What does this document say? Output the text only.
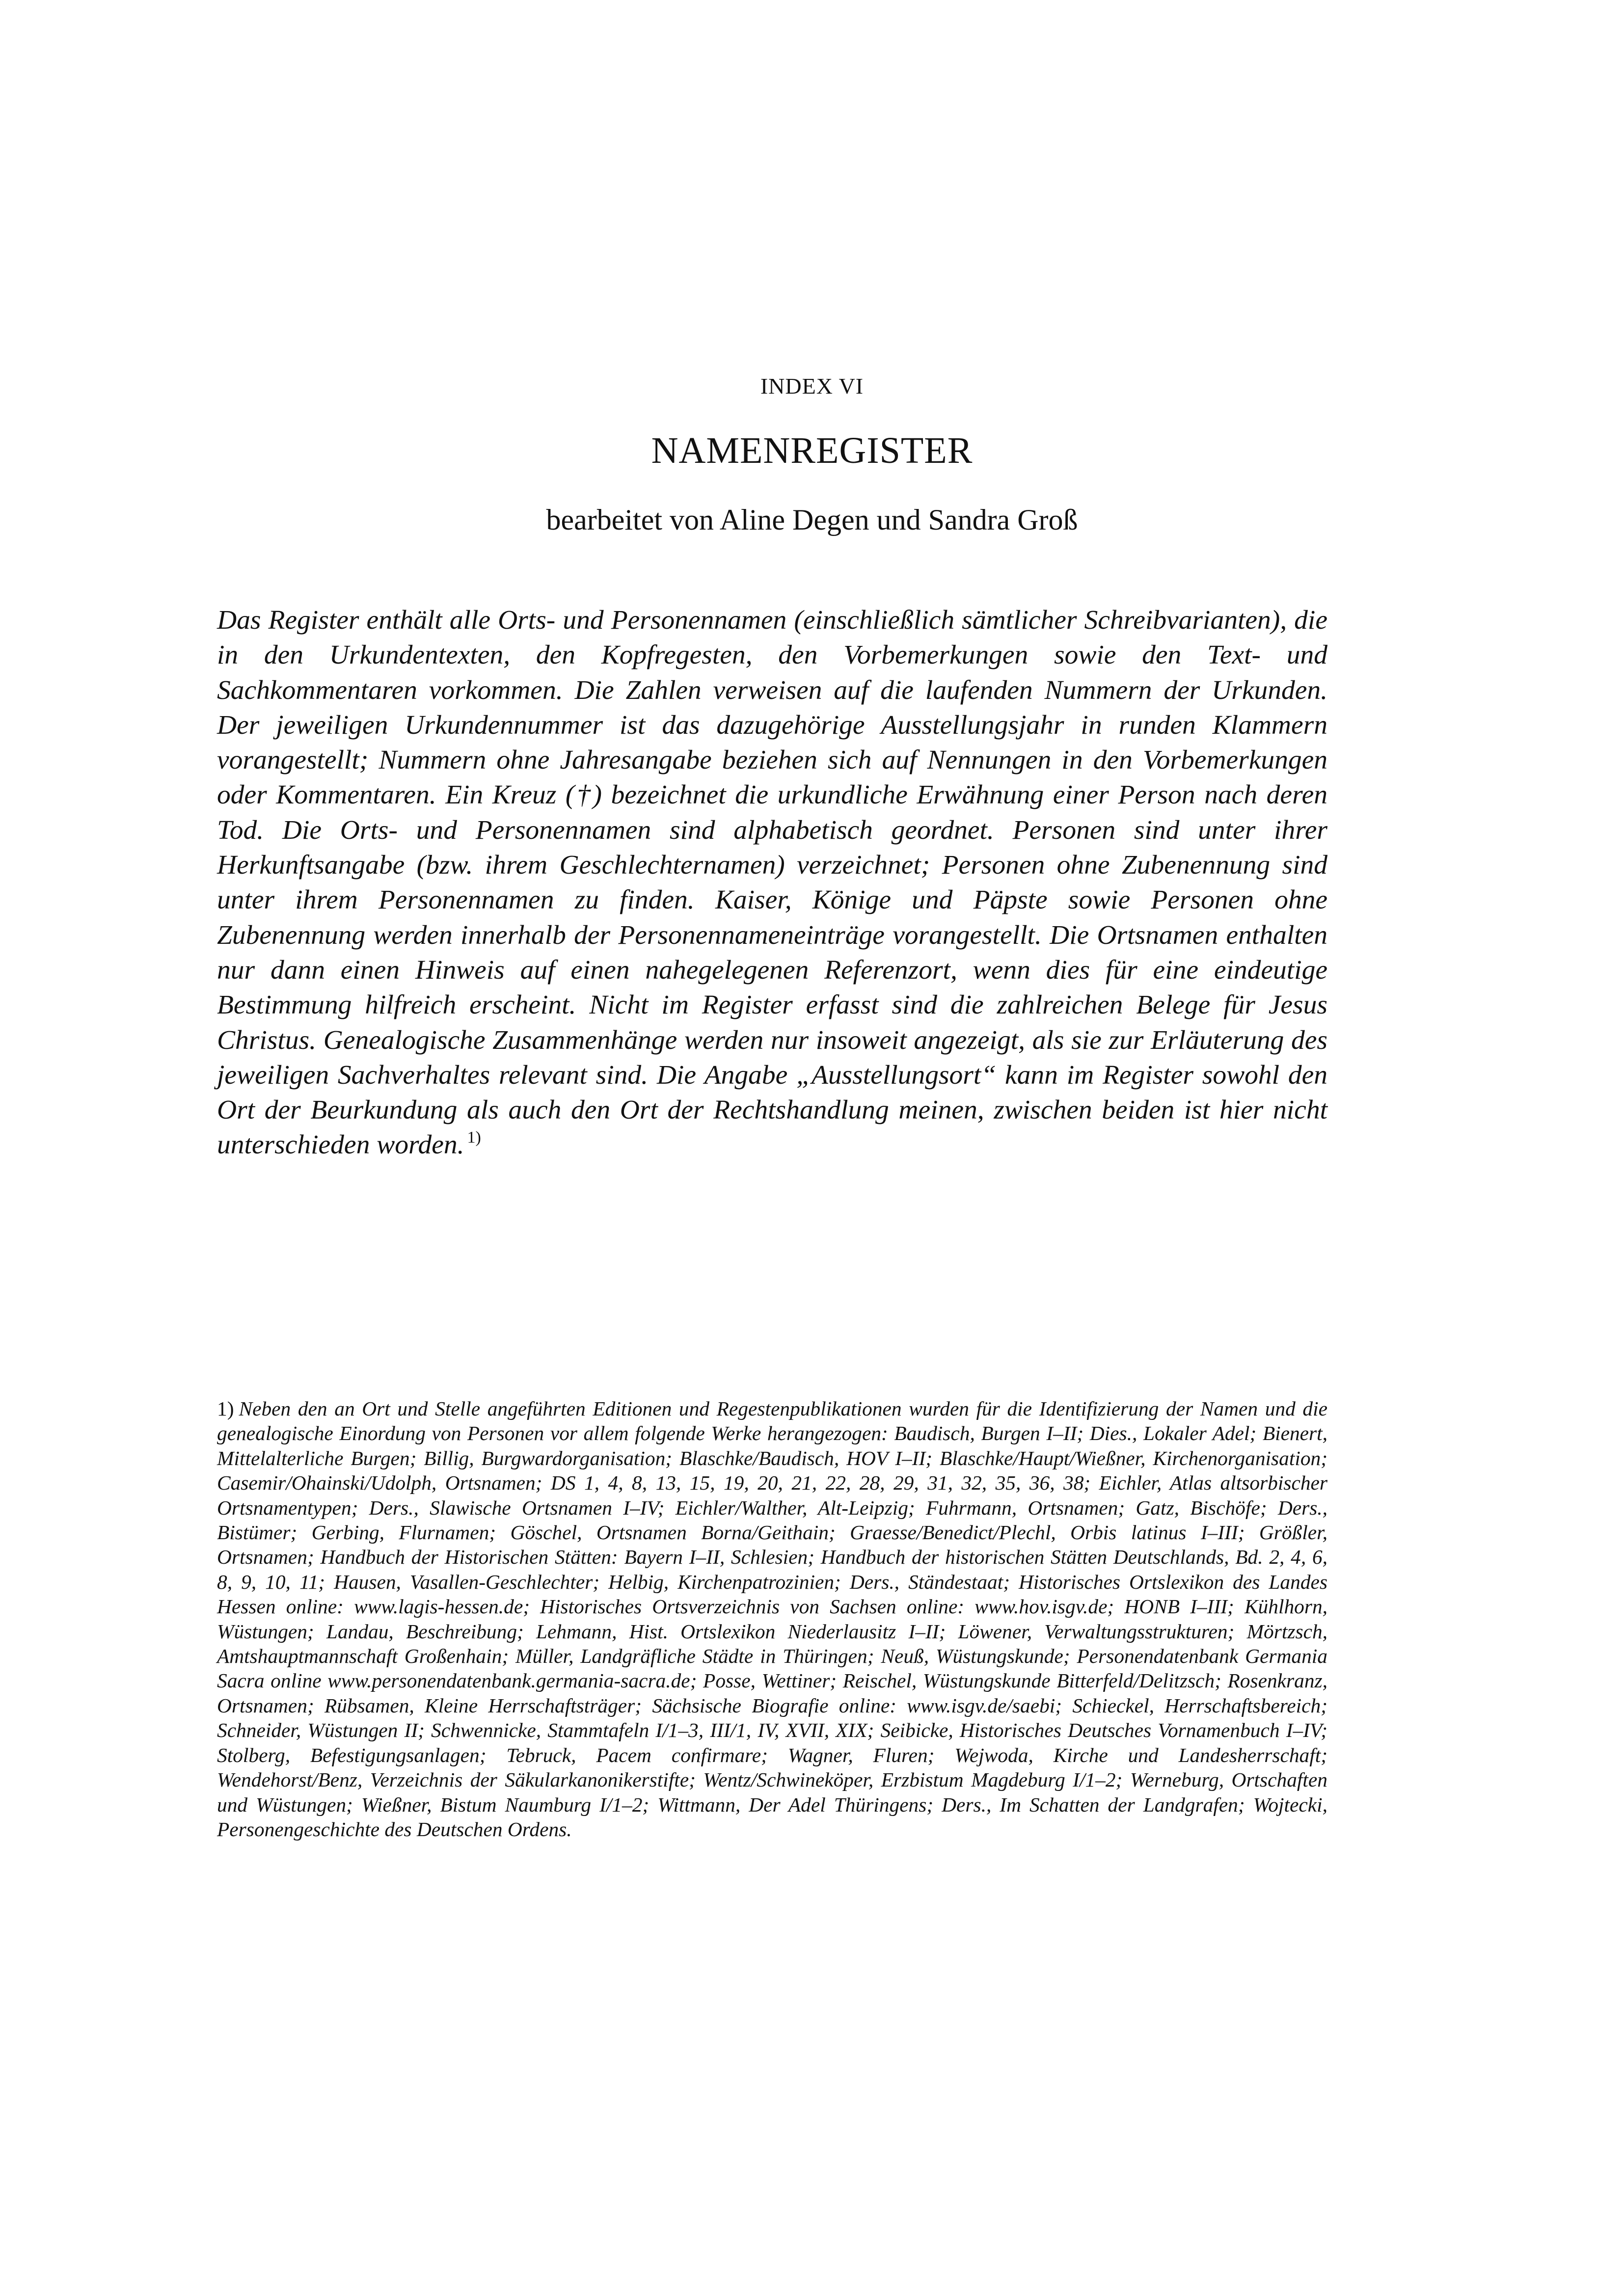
INDEX VI
NAMENREGISTER
bearbeitet von Aline Degen und Sandra Groß

Das Register enthält alle Orts- und Personennamen (einschließlich sämtlicher Schreibvarianten), die in den Urkundentexten, den Kopfregesten, den Vorbemerkungen sowie den Text- und Sachkommentaren vorkommen. Die Zahlen verweisen auf die laufenden Nummern der Urkunden. Der jeweiligen Urkundennummer ist das dazugehörige Ausstellungsjahr in runden Klammern vorangestellt; Nummern ohne Jahresangabe beziehen sich auf Nennungen in den Vorbemerkungen oder Kommentaren. Ein Kreuz (†) bezeichnet die urkundliche Erwähnung einer Person nach deren Tod. Die Orts- und Personennamen sind alphabetisch geordnet. Personen sind unter ihrer Herkunftsangabe (bzw. ihrem Geschlechternamen) verzeichnet; Personen ohne Zubenennung sind unter ihrem Personennamen zu finden. Kaiser, Könige und Päpste sowie Personen ohne Zubenennung werden innerhalb der Personennameneinträge vorangestellt. Die Ortsnamen enthalten nur dann einen Hinweis auf einen nahegelegenen Referenzort, wenn dies für eine eindeutige Bestimmung hilfreich erscheint. Nicht im Register erfasst sind die zahlreichen Belege für Jesus Christus. Genealogische Zusammenhänge werden nur insoweit angezeigt, als sie zur Erläuterung des jeweiligen Sachverhaltes relevant sind. Die Angabe „Ausstellungsort“ kann im Register sowohl den Ort der Beurkundung als auch den Ort der Rechtshandlung meinen, zwischen beiden ist hier nicht unterschieden worden. $^{1)}$

1) Neben den an Ort und Stelle angeführten Editionen und Regestenpublikationen wurden für die Identifizierung der Namen und die genealogische Einordung von Personen vor allem folgende Werke herangezogen: Baudisch, Burgen I–II; Dies., Lokaler Adel; Bienert, Mittelalterliche Burgen; Billig, Burgwardorganisation; Blaschke/Baudisch, HOV I–II; Blaschke/Haupt/Wießner, Kirchenorganisation; Casemir/Ohainski/Udolph, Ortsnamen; DS 1, 4, 8, 13, 15, 19, 20, 21, 22, 28, 29, 31, 32, 35, 36, 38; Eichler, Atlas altsorbischer Ortsnamentypen; Ders., Slawische Ortsnamen I–IV; Eichler/Walther, Alt-Leipzig; Fuhrmann, Ortsnamen; Gatz, Bischöfe; Ders., Bistümer; Gerbing, Flurnamen; Göschel, Ortsnamen Borna/Geithain; Graesse/Benedict/Plechl, Orbis latinus I–III; Größler, Ortsnamen; Handbuch der Historischen Stätten: Bayern I–II, Schlesien; Handbuch der historischen Stätten Deutschlands, Bd. 2, 4, 6, 8, 9, 10, 11; Hausen, Vasallen-Geschlechter; Helbig, Kirchenpatrozinien; Ders., Ständestaat; Historisches Ortslexikon des Landes Hessen online: www.lagis-hessen.de; Historisches Ortsverzeichnis von Sachsen online: www.hov.isgv.de; HONB I–III; Kühlhorn, Wüstungen; Landau, Beschreibung; Lehmann, Hist. Ortslexikon Niederlausitz I–II; Löwener, Verwaltungsstrukturen; Mörtzsch, Amtshauptmannschaft Großenhain; Müller, Landgräfliche Städte in Thüringen; Neuß, Wüstungskunde; Personendatenbank Germania Sacra online www.personendatenbank.germania-sacra.de; Posse, Wettiner; Reischel, Wüstungskunde Bitterfeld/Delitzsch; Rosenkranz, Ortsnamen; Rübsamen, Kleine Herrschaftsträger; Sächsische Biografie online: www.isgv.de/saebi; Schieckel, Herrschaftsbereich; Schneider, Wüstungen II; Schwennicke, Stammtafeln I/1–3, III/1, IV, XVII, XIX; Seibicke, Historisches Deutsches Vornamenbuch I–IV; Stolberg, Befestigungsanlagen; Tebruck, Pacem confirmare; Wagner, Fluren; Wejwoda, Kirche und Landesherrschaft; Wendehorst/Benz, Verzeichnis der Säkularkanonikerstifte; Wentz/Schwineköper, Erzbistum Magdeburg I/1–2; Werneburg, Ortschaften und Wüstungen; Wießner, Bistum Naumburg I/1–2; Wittmann, Der Adel Thüringens; Ders., Im Schatten der Landgrafen; Wojtecki, Personengeschichte des Deutschen Ordens.
